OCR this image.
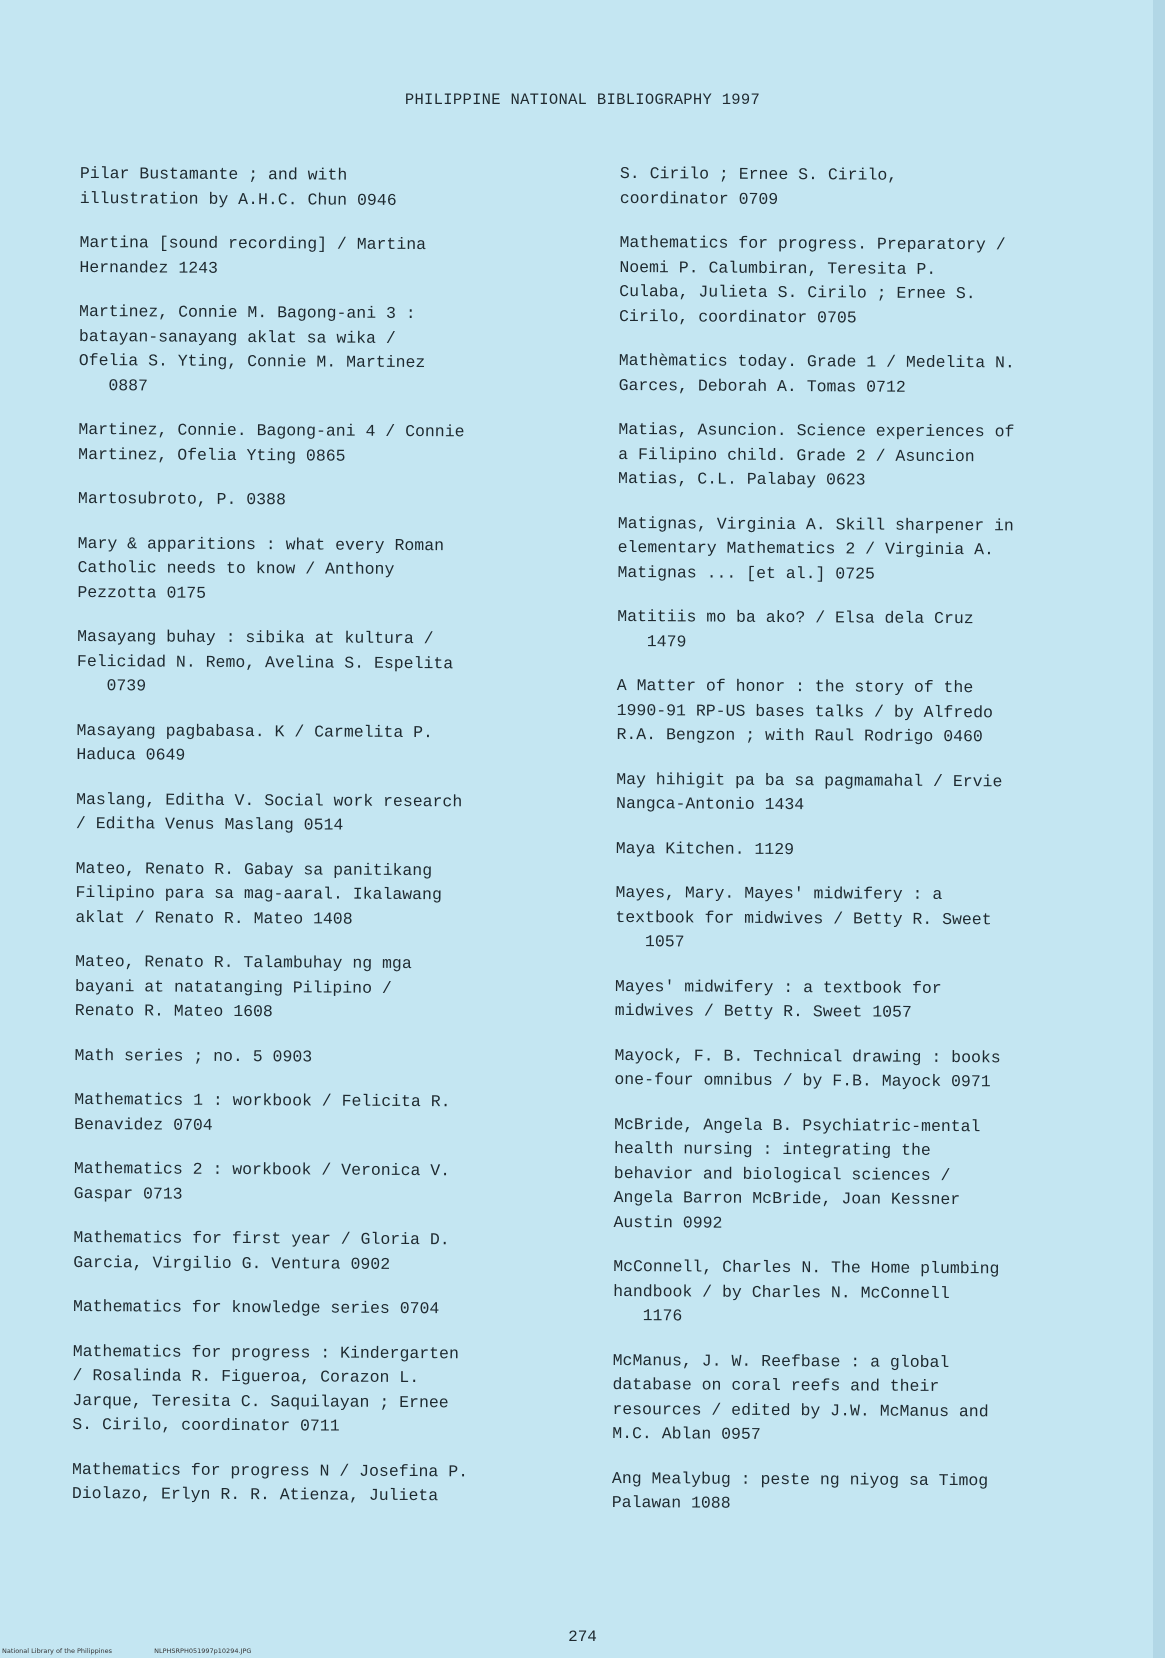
PHILIPPINE NATIONAL BIBLIOGRAPHY 1997
Pilar Bustamante ; and with
illustration by A.H.C. Chun 0946
Martina [sound recording] / Martina
Hernandez 1243
Martinez, Connie M. Bagong-ani 3 :
batayan-sanayang aklat sa wika /
Ofelia S. Yting, Connie M. Martinez
0887
Martinez, Connie. Bagong-ani 4 / Connie
Martinez, Ofelia Yting 0865
Martosubroto, P. 0388
Mary & apparitions : what every Roman
Catholic needs to know / Anthony
Pezzotta 0175
Masayang buhay : sibika at kultura /
Felicidad N. Remo, Avelina S. Espelita
0739
Masayang pagbabasa. K / Carmelita P.
Haduca 0649
Maslang, Editha V. Social work research
/ Editha Venus Maslang 0514
Mateo, Renato R. Gabay sa panitikang
Filipino para sa mag-aaral. Ikalawang
aklat / Renato R. Mateo 1408
Mateo, Renato R. Talambuhay ng mga
bayani at natatanging Pilipino /
Renato R. Mateo 1608
Math series ; no. 5 0903
Mathematics 1 : workbook / Felicita R.
Benavidez 0704
Mathematics 2 : workbook / Veronica V.
Gaspar 0713
Mathematics for first year / Gloria D.
Garcia, Virgilio G. Ventura 0902
Mathematics for knowledge series 0704
Mathematics for progress : Kindergarten
/ Rosalinda R. Figueroa, Corazon L.
Jarque, Teresita C. Saquilayan ; Ernee
S. Cirilo, coordinator 0711
Mathematics for progress N / Josefina P.
Diolazo, Erlyn R. R. Atienza, Julieta
S. Cirilo ; Ernee S. Cirilo,
coordinator 0709
Mathematics for progress. Preparatory /
Noemi P. Calumbiran, Teresita P.
Culaba, Julieta S. Cirilo ; Ernee S.
Cirilo, coordinator 0705
Mathèmatics today. Grade 1 / Medelita N.
Garces, Deborah A. Tomas 0712
Matias, Asuncion. Science experiences of
a Filipino child. Grade 2 / Asuncion
Matias, C.L. Palabay 0623
Matignas, Virginia A. Skill sharpener in
elementary Mathematics 2 / Virginia A.
Matignas ... [et al.] 0725
Matitiis mo ba ako? / Elsa dela Cruz
1479
A Matter of honor : the story of the
1990-91 RP-US bases talks / by Alfredo
R.A. Bengzon ; with Raul Rodrigo 0460
May hihigit pa ba sa pagmamahal / Ervie
Nangca-Antonio 1434
Maya Kitchen. 1129
Mayes, Mary. Mayes' midwifery : a
textbook for midwives / Betty R. Sweet
1057
Mayes' midwifery : a textbook for
midwives / Betty R. Sweet 1057
Mayock, F. B. Technical drawing : books
one-four omnibus / by F.B. Mayock 0971
McBride, Angela B. Psychiatric-mental
health nursing : integrating the
behavior and biological sciences /
Angela Barron McBride, Joan Kessner
Austin 0992
McConnell, Charles N. The Home plumbing
handbook / by Charles N. McConnell
1176
McManus, J. W. Reefbase : a global
database on coral reefs and their
resources / edited by J.W. McManus and
M.C. Ablan 0957
Ang Mealybug : peste ng niyog sa Timog
Palawan 1088
274
National Library of the Philippines	NLPHSRPH051997p10294.JPG
